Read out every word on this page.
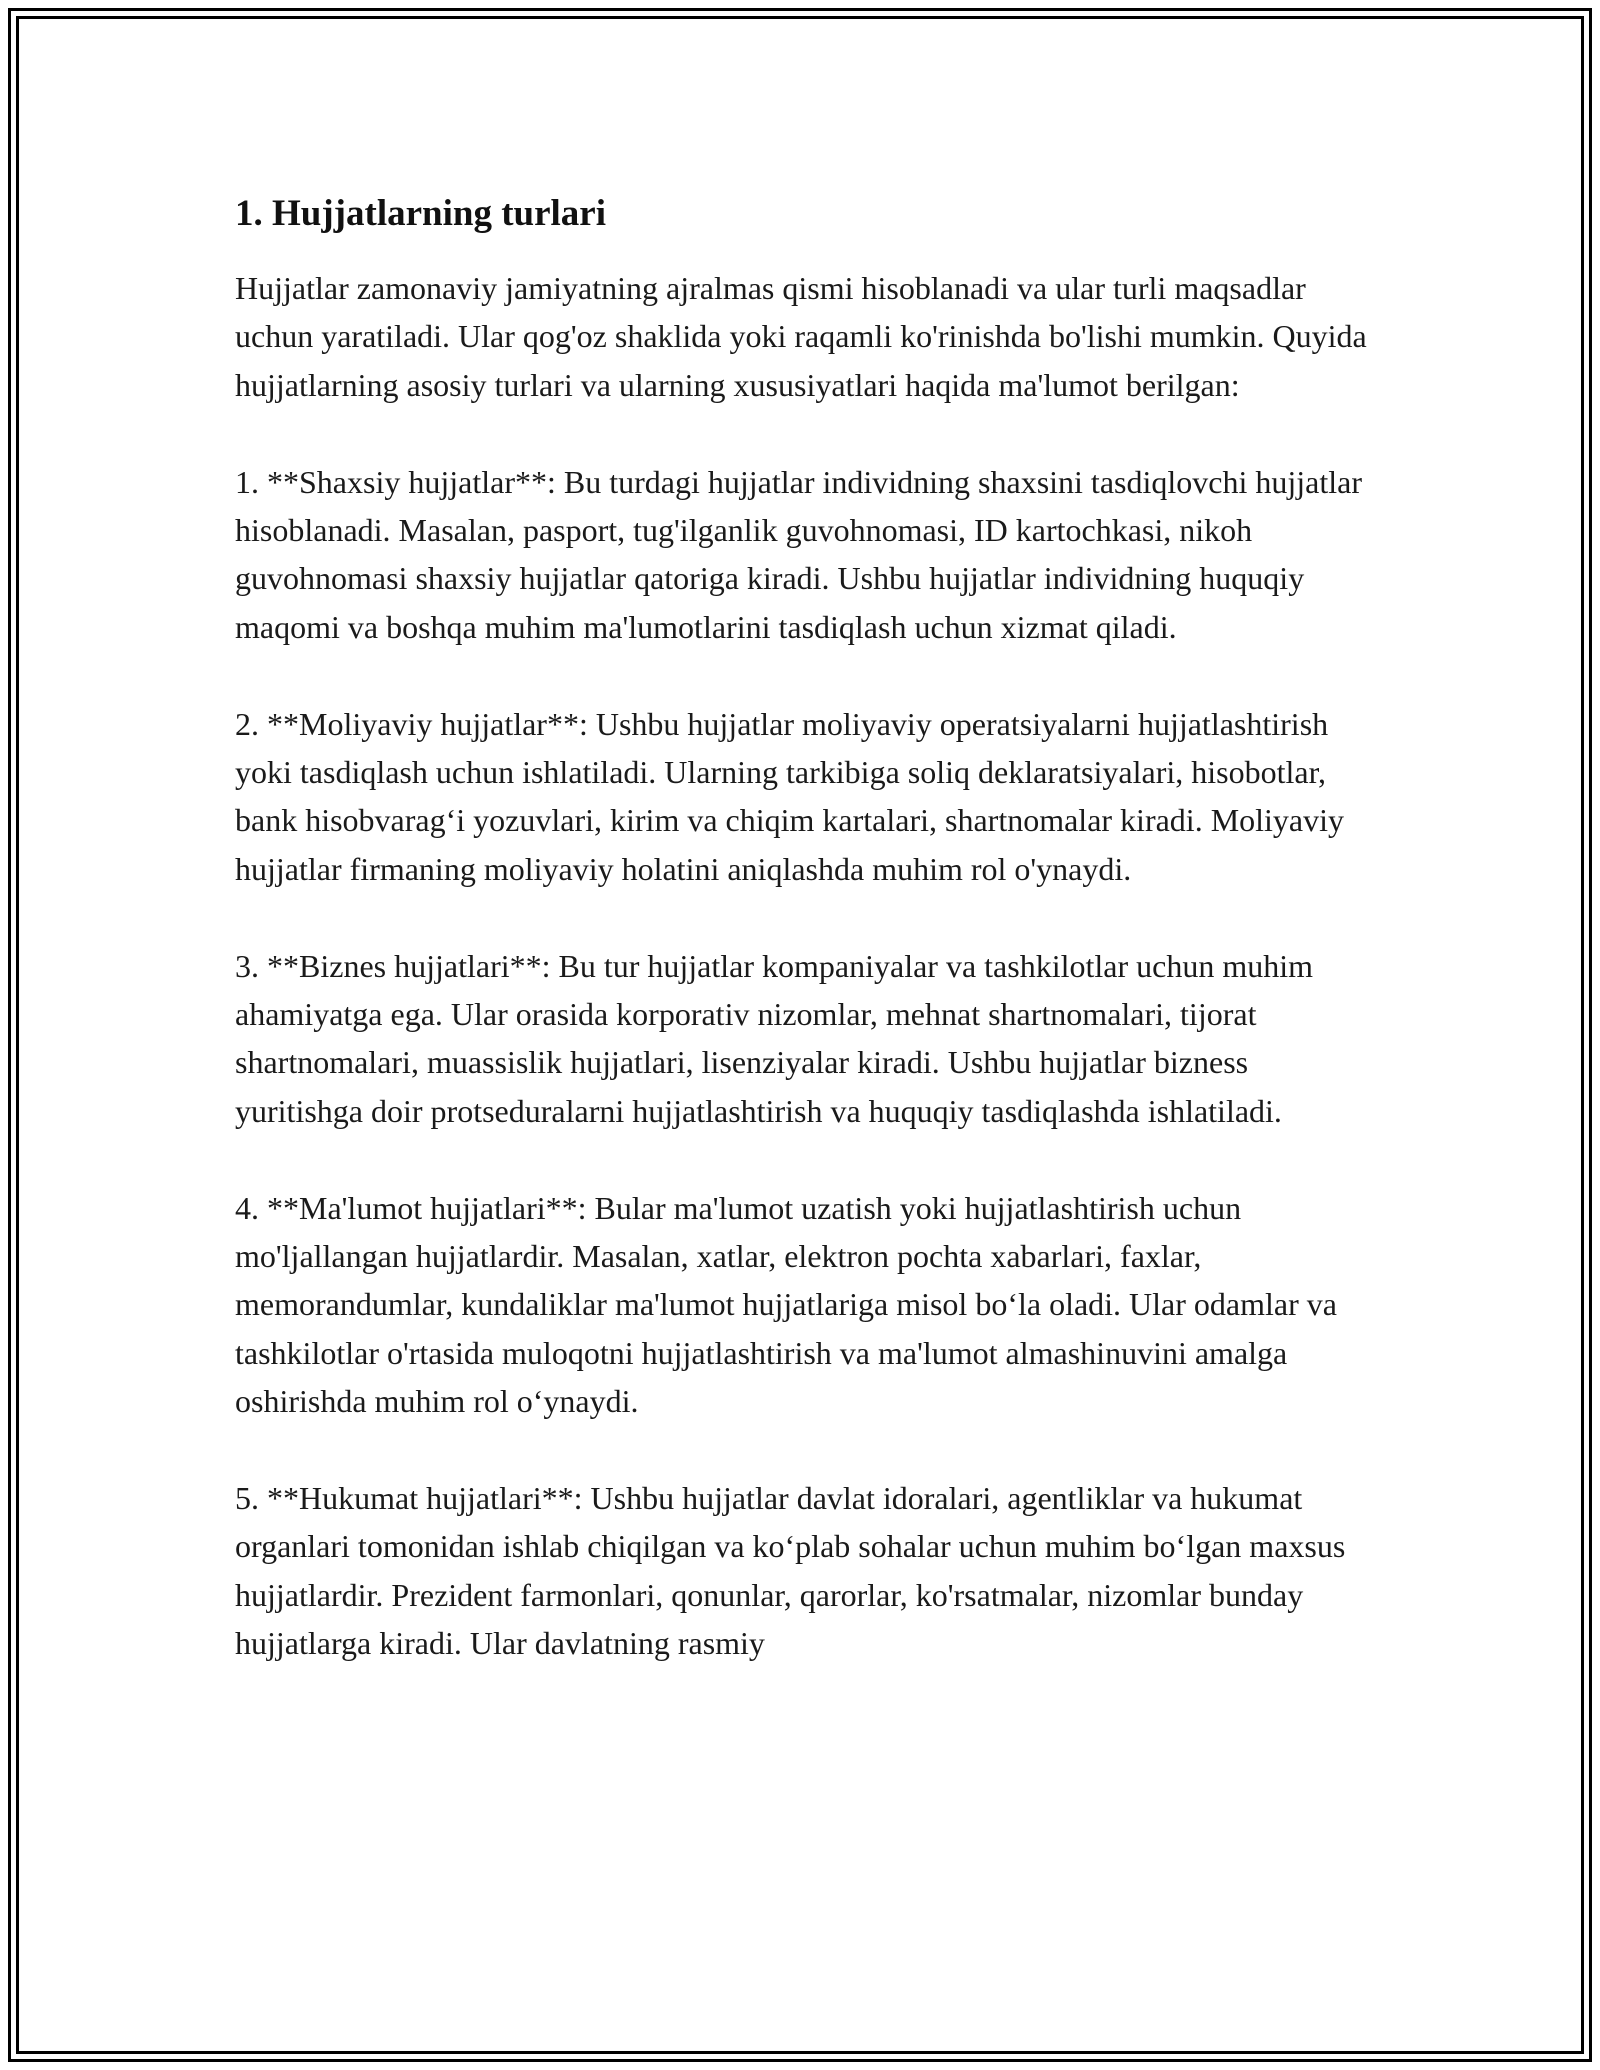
1. Hujjatlarning turlari

Hujjatlar zamonaviy jamiyatning ajralmas qismi hisoblanadi va ular turli maqsadlar uchun yaratiladi. Ular qog'oz shaklida yoki raqamli ko'rinishda bo'lishi mumkin. Quyida hujjatlarning asosiy turlari va ularning xususiyatlari haqida ma'lumot berilgan:

1. **Shaxsiy hujjatlar**: Bu turdagi hujjatlar individning shaxsini tasdiqlovchi hujjatlar hisoblanadi. Masalan, pasport, tug'ilganlik guvohnomasi, ID kartochkasi, nikoh guvohnomasi shaxsiy hujjatlar qatoriga kiradi. Ushbu hujjatlar individning huquqiy maqomi va boshqa muhim ma'lumotlarini tasdiqlash uchun xizmat qiladi.

2. **Moliyaviy hujjatlar**: Ushbu hujjatlar moliyaviy operatsiyalarni hujjatlashtirish yoki tasdiqlash uchun ishlatiladi. Ularning tarkibiga soliq deklaratsiyalari, hisobotlar, bank hisobvarag‘i yozuvlari, kirim va chiqim kartalari, shartnomalar kiradi. Moliyaviy hujjatlar firmaning moliyaviy holatini aniqlashda muhim rol o'ynaydi.

3. **Biznes hujjatlari**: Bu tur hujjatlar kompaniyalar va tashkilotlar uchun muhim ahamiyatga ega. Ular orasida korporativ nizomlar, mehnat shartnomalari, tijorat shartnomalari, muassislik hujjatlari, lisenziyalar kiradi. Ushbu hujjatlar bizness yuritishga doir protseduralarni hujjatlashtirish va huquqiy tasdiqlashda ishlatiladi.

4. **Ma'lumot hujjatlari**: Bular ma'lumot uzatish yoki hujjatlashtirish uchun mo'ljallangan hujjatlardir. Masalan, xatlar, elektron pochta xabarlari, faxlar, memorandumlar, kundaliklar ma'lumot hujjatlariga misol bo‘la oladi. Ular odamlar va tashkilotlar o'rtasida muloqotni hujjatlashtirish va ma'lumot almashinuvini amalga oshirishda muhim rol o‘ynaydi.

5. **Hukumat hujjatlari**: Ushbu hujjatlar davlat idoralari, agentliklar va hukumat organlari tomonidan ishlab chiqilgan va ko‘plab sohalar uchun muhim bo‘lgan maxsus hujjatlardir. Prezident farmonlari, qonunlar, qarorlar, ko'rsatmalar, nizomlar bunday hujjatlarga kiradi. Ular davlatning rasmiy
